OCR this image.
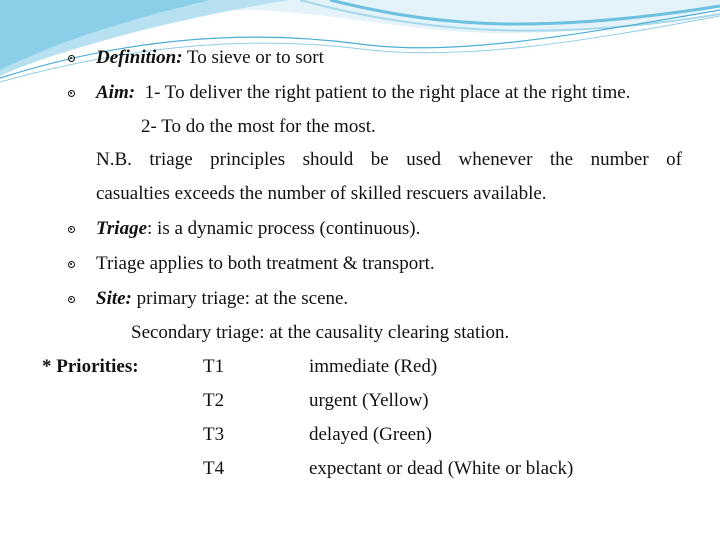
Definition: To sieve or to sort

Aim:  1- To deliver the right patient to the right place at the right time.

2- To do the most for the most.

N.B. triage principles should be used whenever the number of

casualties exceeds the number of skilled rescuers available.

Triage: is a dynamic process (continuous).

Triage applies to both treatment & transport.

Site: primary triage: at the scene.

Secondary triage: at the causality clearing station.

* Priorities:	T1	immediate (Red)
T2	urgent (Yellow)
T3	delayed (Green)
T4	expectant or dead (White or black)
